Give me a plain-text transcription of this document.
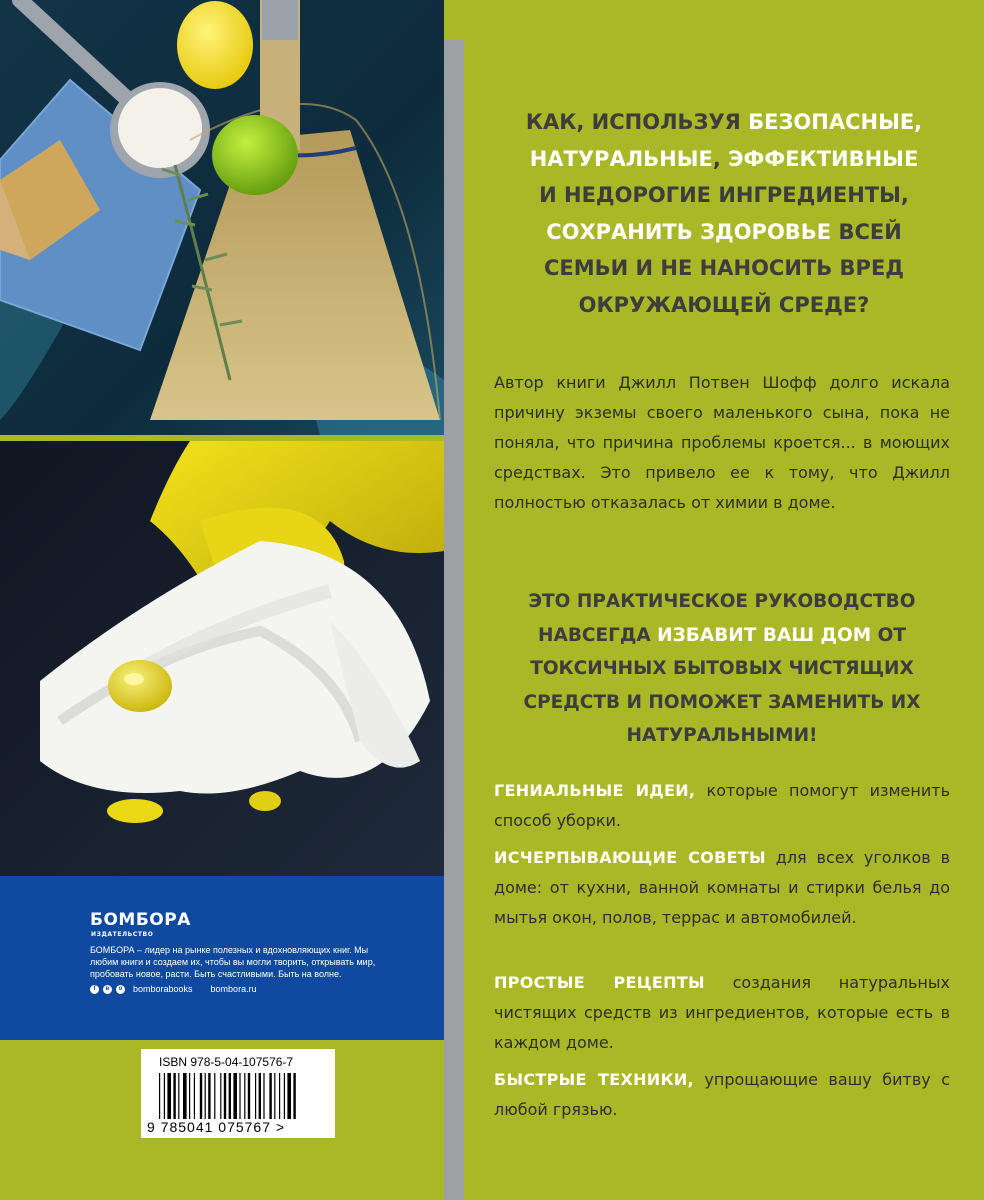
БОМБОРА
ИЗДАТЕЛЬСТВО
БОМБОРА – лидер на рынке полезных и вдохновляющих книг. Мы любим книги и создаем их, чтобы вы могли творить, открывать мир, пробовать новое, расти. Быть счастливыми. Быть на волне.
f	в	o bomborabooks bombora.ru
ISBN 978-5-04-107576-7
9 785041 075767 >
КАК, ИСПОЛЬЗУЯ БЕЗОПАСНЫЕ,
НАТУРАЛЬНЫЕ, ЭФФЕКТИВНЫЕ
И НЕДОРОГИЕ ИНГРЕДИЕНТЫ,
СОХРАНИТЬ ЗДОРОВЬЕ ВСЕЙ
СЕМЬИ И НЕ НАНОСИТЬ ВРЕД
ОКРУЖАЮЩЕЙ СРЕДЕ?

Автор книги Джилл Потвен Шофф долго искала причину экземы своего маленького сына, пока не поняла, что причина проблемы кроется... в моющих средствах. Это привело ее к тому, что Джилл полностью отказалась от химии в доме.

ЭТО ПРАКТИЧЕСКОЕ РУКОВОДСТВО
НАВСЕГДА ИЗБАВИТ ВАШ ДОМ ОТ
ТОКСИЧНЫХ БЫТОВЫХ ЧИСТЯЩИХ
СРЕДСТВ И ПОМОЖЕТ ЗАМЕНИТЬ ИХ
НАТУРАЛЬНЫМИ!

ГЕНИАЛЬНЫЕ ИДЕИ, которые помогут изменить способ уборки.

ИСЧЕРПЫВАЮЩИЕ СОВЕТЫ для всех уголков в доме: от кухни, ванной комнаты и стирки белья до мытья окон, полов, террас и автомобилей.

ПРОСТЫЕ РЕЦЕПТЫ создания натуральных чистящих средств из ингредиентов, которые есть в каждом доме.

БЫСТРЫЕ ТЕХНИКИ, упрощающие вашу битву с любой грязью.
